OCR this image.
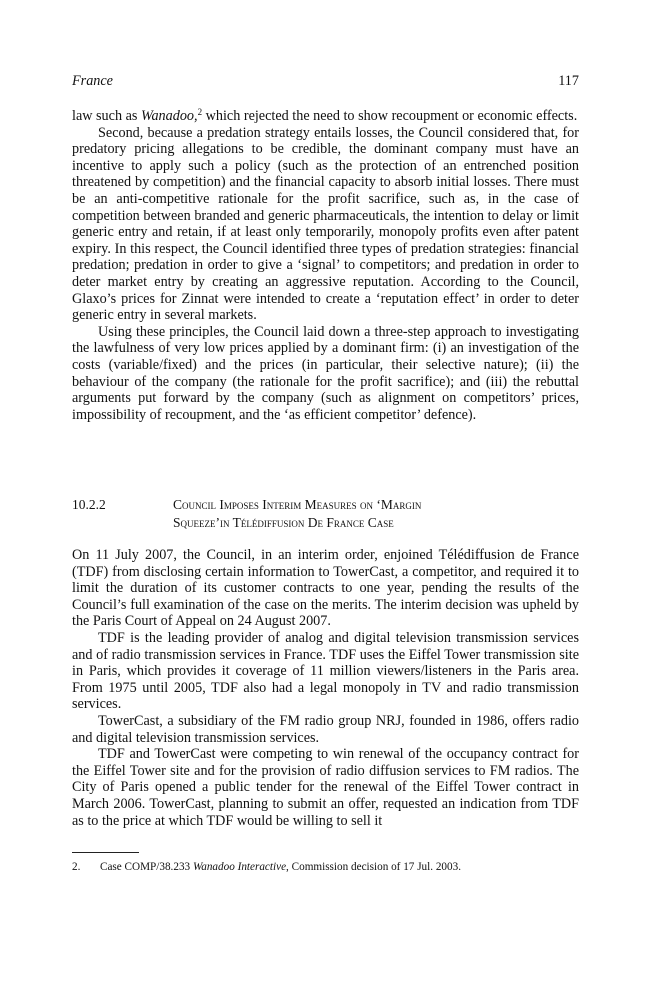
France	117

law such as Wanadoo,$^2$ which rejected the need to show recoupment or economic effects.

Second, because a predation strategy entails losses, the Council considered that, for predatory pricing allegations to be credible, the dominant company must have an incentive to apply such a policy (such as the protection of an entrenched position threatened by competition) and the financial capacity to absorb initial losses. There must be an anti-competitive rationale for the profit sacrifice, such as, in the case of competition between branded and generic pharmaceuticals, the intention to delay or limit generic entry and retain, if at least only temporarily, monopoly profits even after patent expiry. In this respect, the Council identified three types of predation strategies: financial predation; predation in order to give a ‘signal’ to competitors; and predation in order to deter market entry by creating an aggressive reputation. According to the Council, Glaxo’s prices for Zinnat were intended to create a ‘reputation effect’ in order to deter generic entry in several markets.

Using these principles, the Council laid down a three-step approach to investigating the lawfulness of very low prices applied by a dominant firm: (i) an investigation of the costs (variable/fixed) and the prices (in particular, their selective nature); (ii) the behaviour of the company (the rationale for the profit sacrifice); and (iii) the rebuttal arguments put forward by the company (such as alignment on competitors’ prices, impossibility of recoupment, and the ‘as efficient competitor’ defence).

10.2.2	Council Imposes Interim Measures on ‘Margin
Squeeze’in Télédiffusion De France Case

On 11 July 2007, the Council, in an interim order, enjoined Télédiffusion de France (TDF) from disclosing certain information to TowerCast, a competitor, and required it to limit the duration of its customer contracts to one year, pending the results of the Council’s full examination of the case on the merits. The interim decision was upheld by the Paris Court of Appeal on 24 August 2007.

TDF is the leading provider of analog and digital television transmission services and of radio transmission services in France. TDF uses the Eiffel Tower transmission site in Paris, which provides it coverage of 11 million viewers/listeners in the Paris area. From 1975 until 2005, TDF also had a legal monopoly in TV and radio transmission services.

TowerCast, a subsidiary of the FM radio group NRJ, founded in 1986, offers radio and digital television transmission services.

TDF and TowerCast were competing to win renewal of the occupancy contract for the Eiffel Tower site and for the provision of radio diffusion services to FM radios. The City of Paris opened a public tender for the renewal of the Eiffel Tower contract in March 2006. TowerCast, planning to submit an offer, requested an indication from TDF as to the price at which TDF would be willing to sell it

2. Case COMP/38.233 Wanadoo Interactive, Commission decision of 17 Jul. 2003.
